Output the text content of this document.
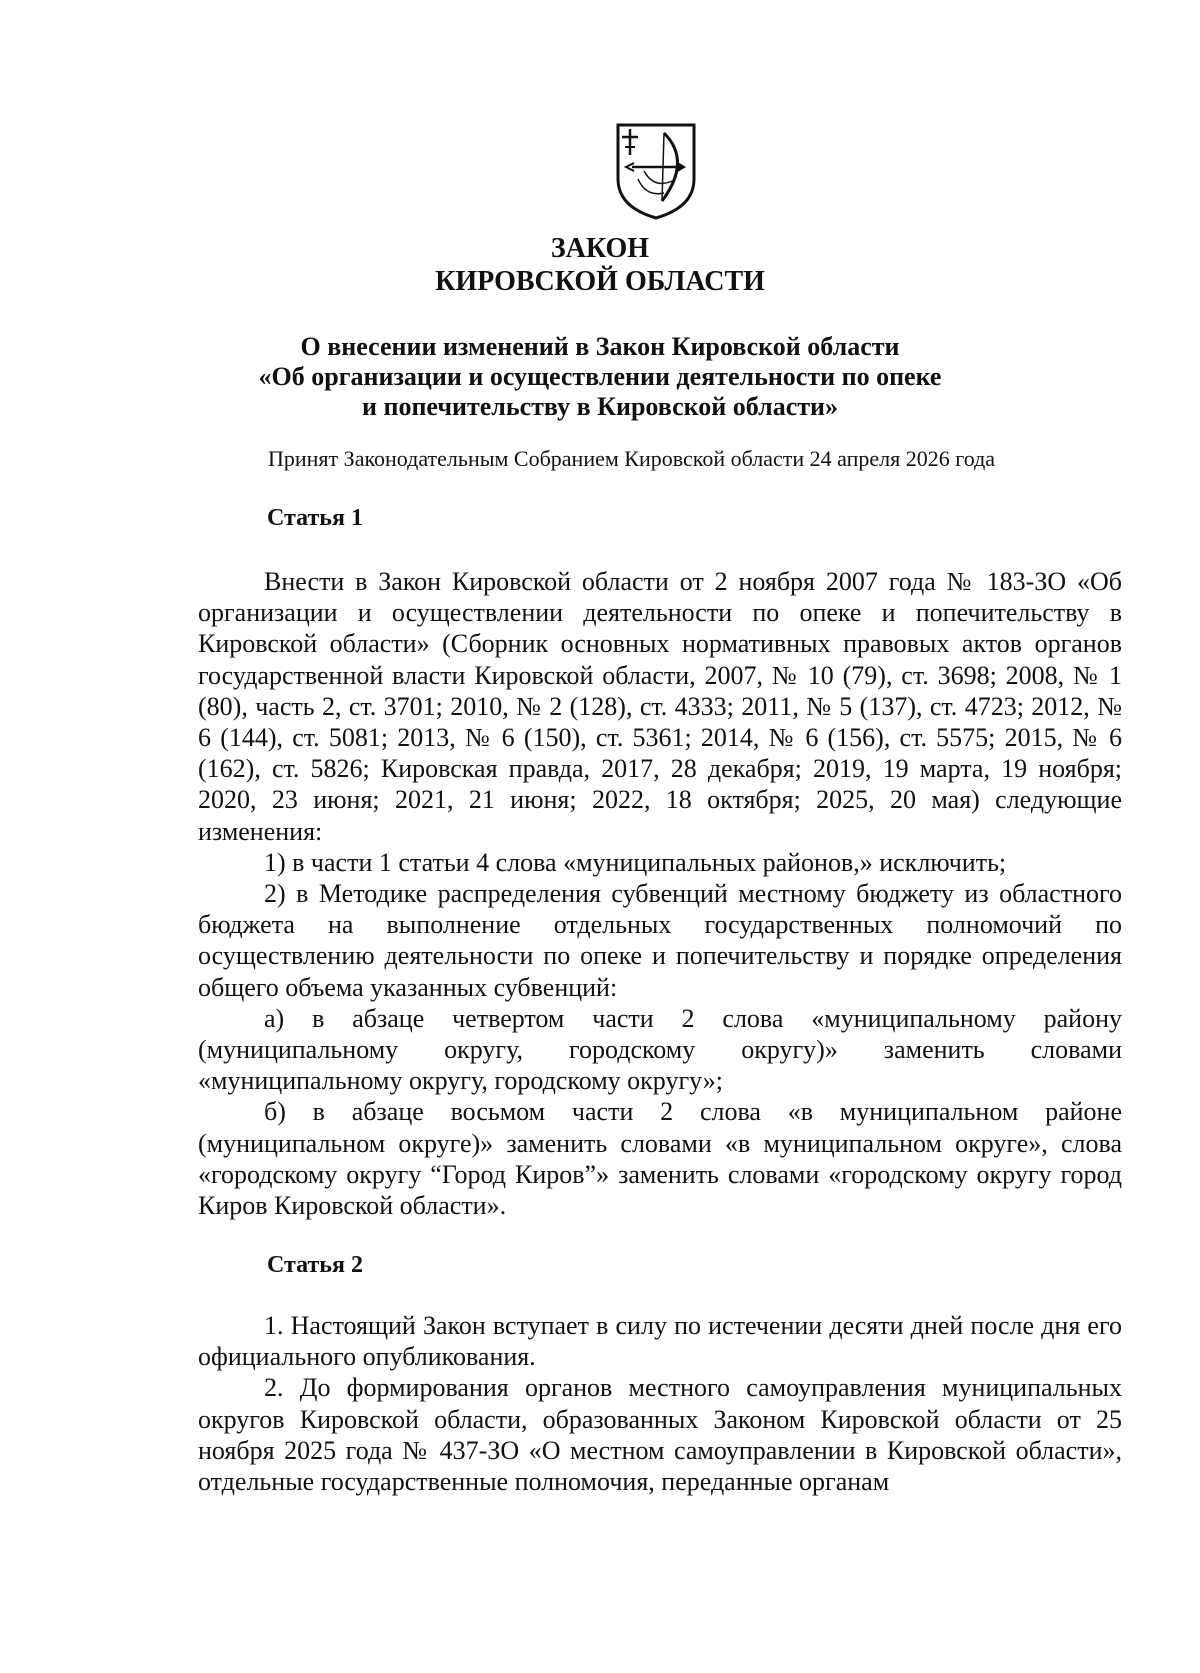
ЗАКОН
КИРОВСКОЙ ОБЛАСТИ
О внесении изменений в Закон Кировской области
«Об организации и осуществлении деятельности по опеке
и попечительству в Кировской области»
Принят Законодательным Собранием Кировской области 24 апреля 2026 года
Статья 1

Внести в Закон Кировской области от 2 ноября 2007 года № 183-ЗО «Об организации и осуществлении деятельности по опеке и попечительству в Кировской области» (Сборник основных нормативных правовых актов органов государственной власти Кировской области, 2007, № 10 (79), ст. 3698; 2008, № 1 (80), часть 2, ст. 3701; 2010, № 2 (128), ст. 4333; 2011, № 5 (137), ст. 4723; 2012, № 6 (144), ст. 5081; 2013, № 6 (150), ст. 5361; 2014, № 6 (156), ст. 5575; 2015, № 6 (162), ст. 5826; Кировская правда, 2017, 28 декабря; 2019, 19 марта, 19 ноября; 2020, 23 июня; 2021, 21 июня; 2022, 18 октября; 2025, 20 мая) следующие изменения:

1) в части 1 статьи 4 слова «муниципальных районов,» исключить;

2) в Методике распределения субвенций местному бюджету из областного бюджета на выполнение отдельных государственных полномочий по осуществлению деятельности по опеке и попечительству и порядке определения общего объема указанных субвенций:

а) в абзаце четвертом части 2 слова «муниципальному району (муниципальному округу, городскому округу)» заменить словами «муниципальному округу, городскому округу»;

б) в абзаце восьмом части 2 слова «в муниципальном районе (муниципальном округе)» заменить словами «в муниципальном округе», слова «городскому округу “Город Киров”» заменить словами «городскому округу город Киров Кировской области».

Статья 2

1. Настоящий Закон вступает в силу по истечении десяти дней после дня его официального опубликования.

2. До формирования органов местного самоуправления муниципальных округов Кировской области, образованных Законом Кировской области от 25 ноября 2025 года № 437-ЗО «О местном самоуправлении в Кировской области», отдельные государственные полномочия, переданные органам
